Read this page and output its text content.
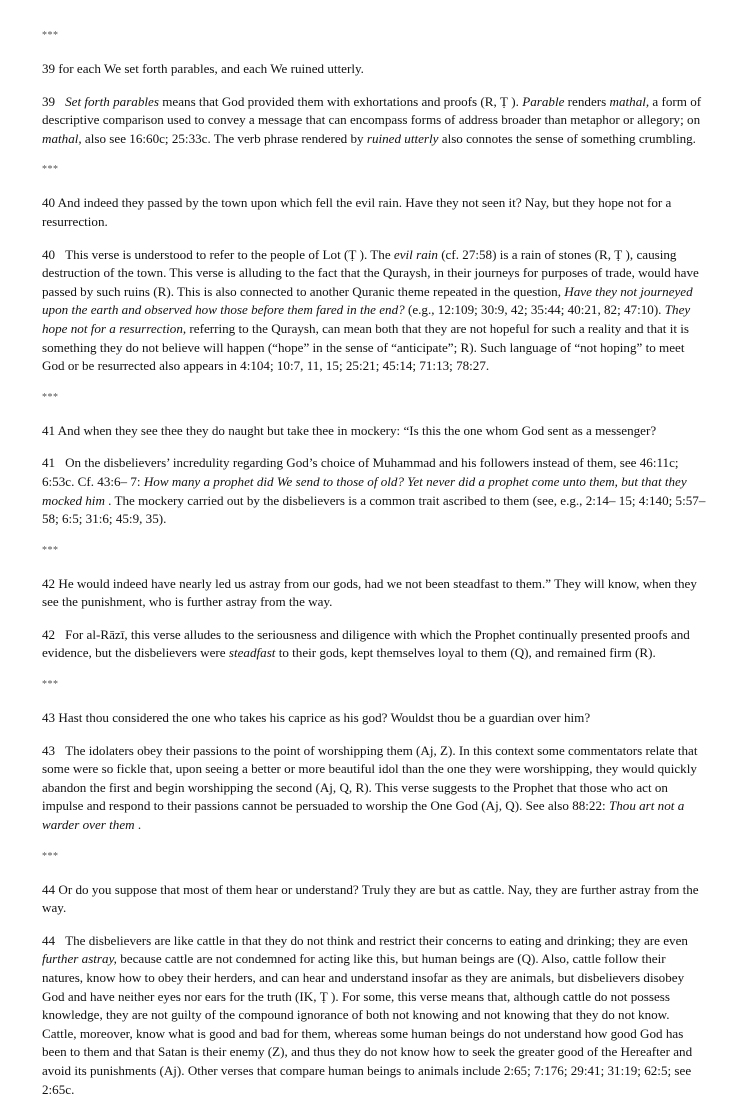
***

39 for each We set forth parables, and each We ruined utterly.

39 Set forth parables means that God provided them with exhortations and proofs (R, Ṭ ). Parable renders mathal, a form of descriptive comparison used to convey a message that can encompass forms of address broader than metaphor or allegory; on mathal, also see 16:60c; 25:33c. The verb phrase rendered by ruined utterly also connotes the sense of something crumbling.

***

40 And indeed they passed by the town upon which fell the evil rain. Have they not seen it? Nay, but they hope not for a resurrection.

40 This verse is understood to refer to the people of Lot (Ṭ ). The evil rain (cf. 27:58) is a rain of stones (R, Ṭ ), causing destruction of the town. This verse is alluding to the fact that the Quraysh, in their journeys for purposes of trade, would have passed by such ruins (R). This is also connected to another Quranic theme repeated in the question, Have they not journeyed upon the earth and observed how those before them fared in the end? (e.g., 12:109; 30:9, 42; 35:44; 40:21, 82; 47:10). They hope not for a resurrection, referring to the Quraysh, can mean both that they are not hopeful for such a reality and that it is something they do not believe will happen (“hope” in the sense of “anticipate”; R). Such language of “not hoping” to meet God or be resurrected also appears in 4:104; 10:7, 11, 15; 25:21; 45:14; 71:13; 78:27.

***

41 And when they see thee they do naught but take thee in mockery: “Is this the one whom God sent as a messenger?

41 On the disbelievers’ incredulity regarding God’s choice of Muhammad and his followers instead of them, see 46:11c; 6:53c. Cf. 43:6– 7: How many a prophet did We send to those of old? Yet never did a prophet come unto them, but that they mocked him . The mockery carried out by the disbelievers is a common trait ascribed to them (see, e.g., 2:14– 15; 4:140; 5:57– 58; 6:5; 31:6; 45:9, 35).

***

42 He would indeed have nearly led us astray from our gods, had we not been steadfast to them.” They will know, when they see the punishment, who is further astray from the way.

42 For al-Rāzī, this verse alludes to the seriousness and diligence with which the Prophet continually presented proofs and evidence, but the disbelievers were steadfast to their gods, kept themselves loyal to them (Q), and remained firm (R).

***

43 Hast thou considered the one who takes his caprice as his god? Wouldst thou be a guardian over him?

43 The idolaters obey their passions to the point of worshipping them (Aj, Z). In this context some commentators relate that some were so fickle that, upon seeing a better or more beautiful idol than the one they were worshipping, they would quickly abandon the first and begin worshipping the second (Aj, Q, R). This verse suggests to the Prophet that those who act on impulse and respond to their passions cannot be persuaded to worship the One God (Aj, Q). See also 88:22: Thou art not a warder over them .

***

44 Or do you suppose that most of them hear or understand? Truly they are but as cattle. Nay, they are further astray from the way.

44 The disbelievers are like cattle in that they do not think and restrict their concerns to eating and drinking; they are even further astray, because cattle are not condemned for acting like this, but human beings are (Q). Also, cattle follow their natures, know how to obey their herders, and can hear and understand insofar as they are animals, but disbelievers disobey God and have neither eyes nor ears for the truth (IK, Ṭ ). For some, this verse means that, although cattle do not possess knowledge, they are not guilty of the compound ignorance of both not knowing and not knowing that they do not know. Cattle, moreover, know what is good and bad for them, whereas some human beings do not understand how good God has been to them and that Satan is their enemy (Z), and thus they do not know how to seek the greater good of the Hereafter and avoid its punishments (Aj). Other verses that compare human beings to animals include 2:65; 7:176; 29:41; 31:19; 62:5; see 2:65c.
